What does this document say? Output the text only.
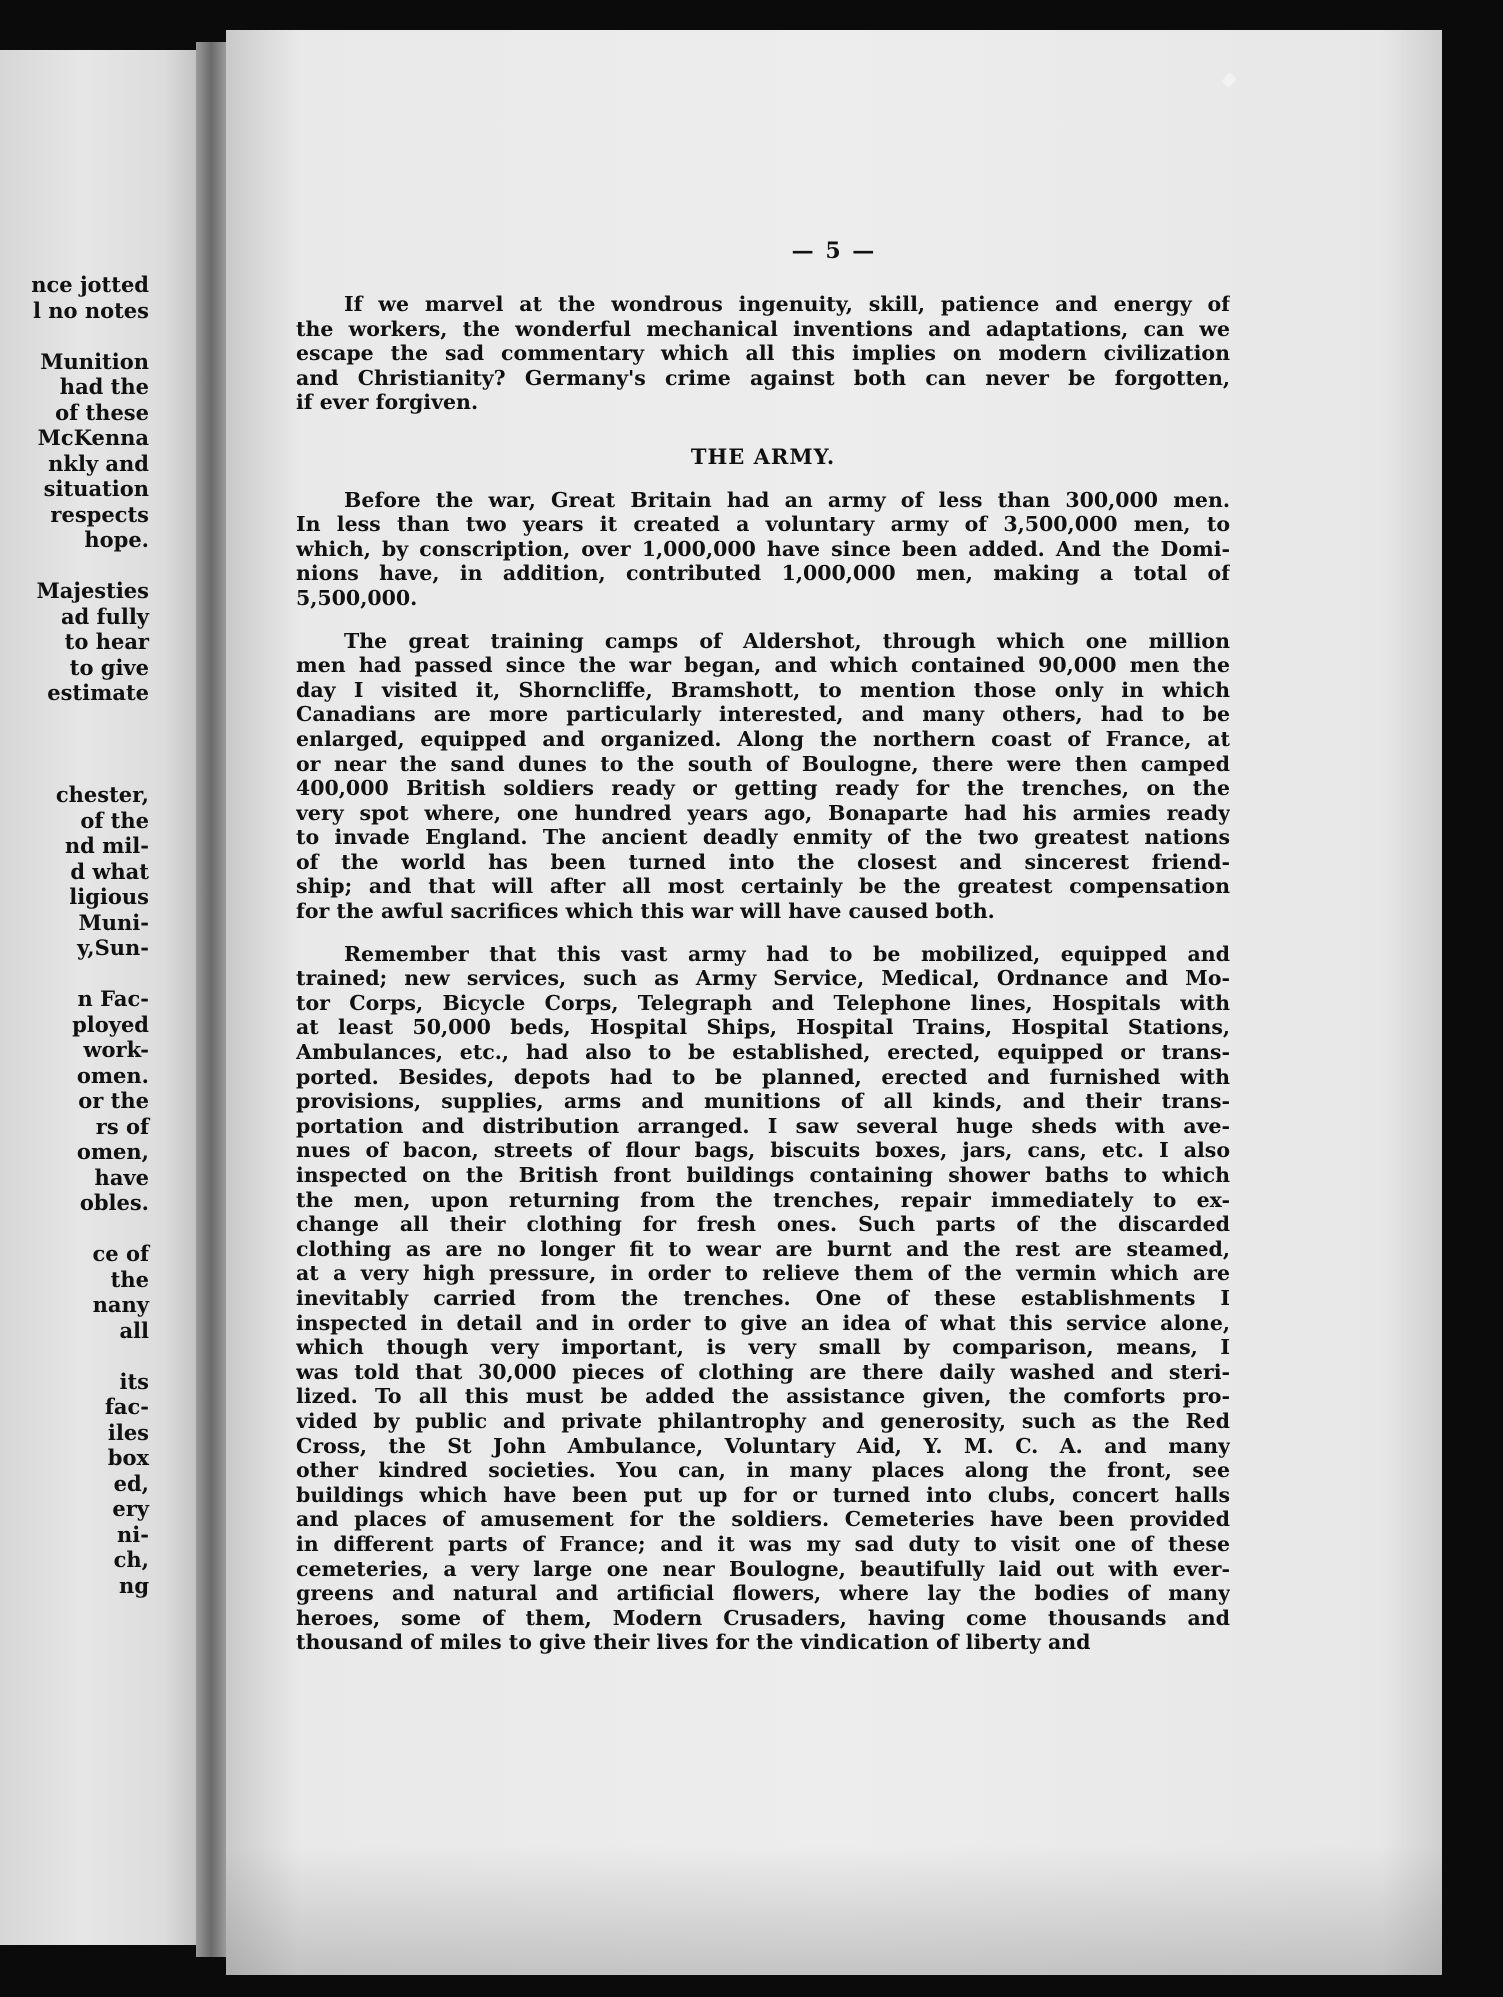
nce jotted
l no notes
Munition
had the
of these
McKenna
nkly and
situation
respects
hope.
Majesties
ad fully
to hear
to give
estimate
chester,
of the
nd mil-
d what
ligious
Muni-
y,Sun-
n Fac-
ployed
work-
omen.
or the
rs of
omen,
have
obles.
ce of
the
nany
all
its
fac-
iles
box
ed,
ery
ni-
ch,
ng
— 5 —

If we marvel at the wondrous ingenuity, skill, patience and energy of
the workers, the wonderful mechanical inventions and adaptations, can we
escape the sad commentary which all this implies on modern civilization
and Christianity? Germany's crime against both can never be forgotten,
if ever forgiven.

THE ARMY.

Before the war, Great Britain had an army of less than 300,000 men.
In less than two years it created a voluntary army of 3,500,000 men, to
which, by conscription, over 1,000,000 have since been added. And the Domi-
nions have, in addition, contributed 1,000,000 men, making a total of
5,500,000.

The great training camps of Aldershot, through which one million
men had passed since the war began, and which contained 90,000 men the
day I visited it, Shorncliffe, Bramshott, to mention those only in which
Canadians are more particularly interested, and many others, had to be
enlarged, equipped and organized. Along the northern coast of France, at
or near the sand dunes to the south of Boulogne, there were then camped
400,000 British soldiers ready or getting ready for the trenches, on the
very spot where, one hundred years ago, Bonaparte had his armies ready
to invade England. The ancient deadly enmity of the two greatest nations
of the world has been turned into the closest and sincerest friend-
ship; and that will after all most certainly be the greatest compensation
for the awful sacrifices which this war will have caused both.

Remember that this vast army had to be mobilized, equipped and
trained; new services, such as Army Service, Medical, Ordnance and Mo-
tor Corps, Bicycle Corps, Telegraph and Telephone lines, Hospitals with
at least 50,000 beds, Hospital Ships, Hospital Trains, Hospital Stations,
Ambulances, etc., had also to be established, erected, equipped or trans-
ported. Besides, depots had to be planned, erected and furnished with
provisions, supplies, arms and munitions of all kinds, and their trans-
portation and distribution arranged. I saw several huge sheds with ave-
nues of bacon, streets of flour bags, biscuits boxes, jars, cans, etc. I also
inspected on the British front buildings containing shower baths to which
the men, upon returning from the trenches, repair immediately to ex-
change all their clothing for fresh ones. Such parts of the discarded
clothing as are no longer fit to wear are burnt and the rest are steamed,
at a very high pressure, in order to relieve them of the vermin which are
inevitably carried from the trenches. One of these establishments I
inspected in detail and in order to give an idea of what this service alone,
which though very important, is very small by comparison, means, I
was told that 30,000 pieces of clothing are there daily washed and steri-
lized. To all this must be added the assistance given, the comforts pro-
vided by public and private philantrophy and generosity, such as the Red
Cross, the St John Ambulance, Voluntary Aid, Y. M. C. A. and many
other kindred societies. You can, in many places along the front, see
buildings which have been put up for or turned into clubs, concert halls
and places of amusement for the soldiers. Cemeteries have been provided
in different parts of France; and it was my sad duty to visit one of these
cemeteries, a very large one near Boulogne, beautifully laid out with ever-
greens and natural and artificial flowers, where lay the bodies of many
heroes, some of them, Modern Crusaders, having come thousands and
thousand of miles to give their lives for the vindication of liberty and
